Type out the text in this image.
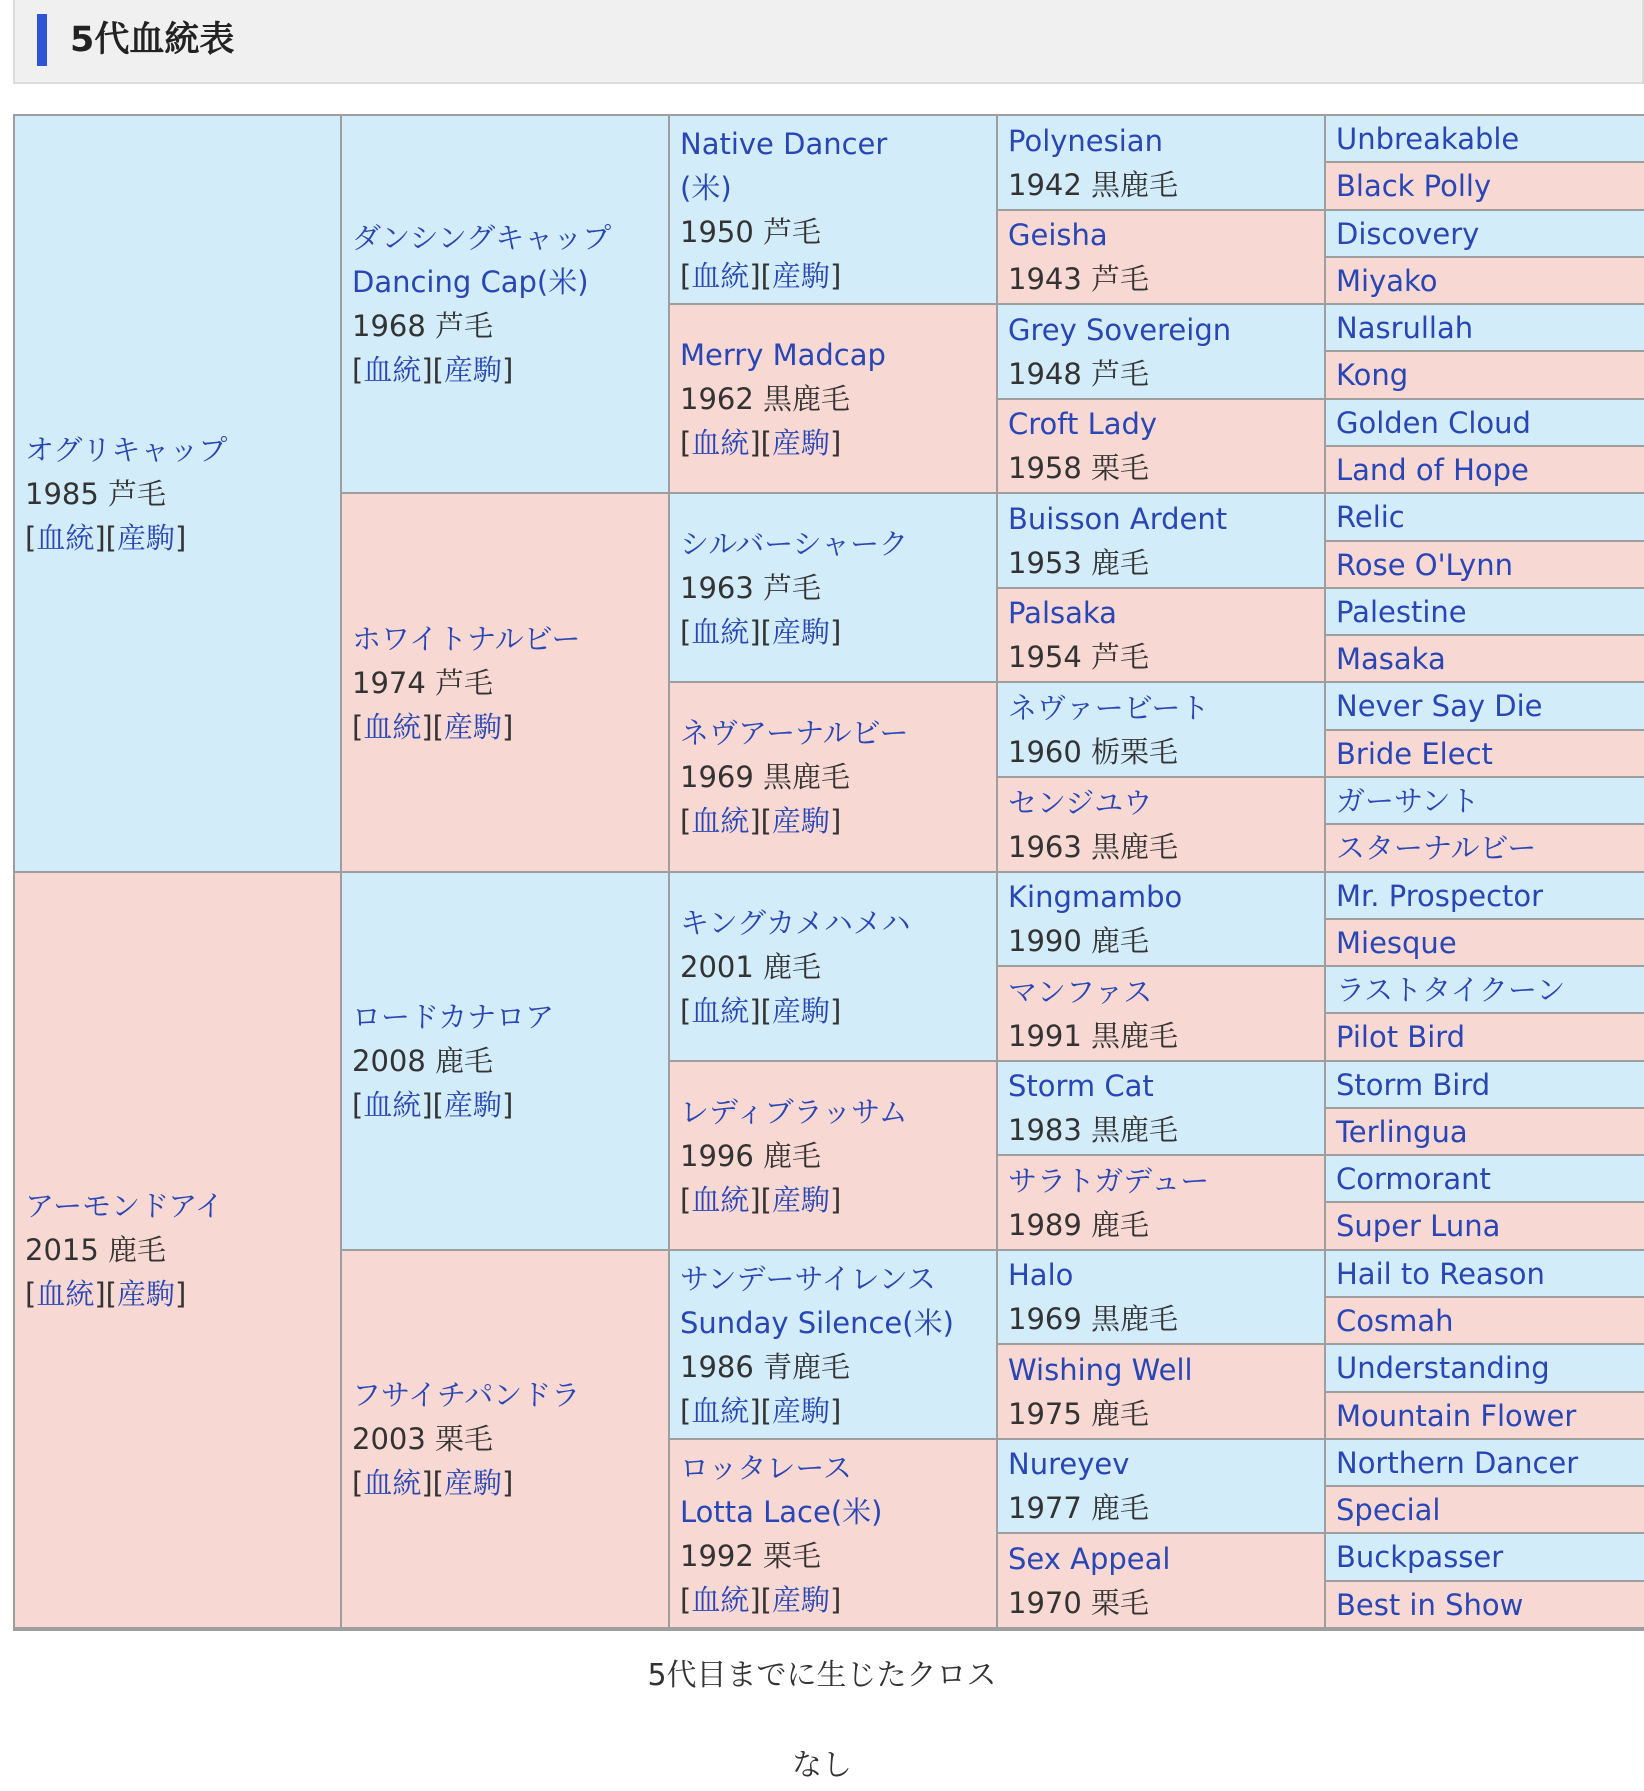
5代血統表
オグリキャップ
1985 芦毛
[血統][産駒]
アーモンドアイ
2015 鹿毛
[血統][産駒]
ダンシングキャップ
Dancing Cap(米)
1968 芦毛
[血統][産駒]
ホワイトナルビー
1974 芦毛
[血統][産駒]
ロードカナロア
2008 鹿毛
[血統][産駒]
フサイチパンドラ
2003 栗毛
[血統][産駒]
Native Dancer
(米)
1950 芦毛
[血統][産駒]
Merry Madcap
1962 黒鹿毛
[血統][産駒]
シルバーシャーク
1963 芦毛
[血統][産駒]
ネヴアーナルビー
1969 黒鹿毛
[血統][産駒]
キングカメハメハ
2001 鹿毛
[血統][産駒]
レディブラッサム
1996 鹿毛
[血統][産駒]
サンデーサイレンス
Sunday Silence(米)
1986 青鹿毛
[血統][産駒]
ロッタレース
Lotta Lace(米)
1992 栗毛
[血統][産駒]
Polynesian
1942 黒鹿毛
Geisha
1943 芦毛
Grey Sovereign
1948 芦毛
Croft Lady
1958 栗毛
Buisson Ardent
1953 鹿毛
Palsaka
1954 芦毛
ネヴァービート
1960 栃栗毛
センジユウ
1963 黒鹿毛
Kingmambo
1990 鹿毛
マンファス
1991 黒鹿毛
Storm Cat
1983 黒鹿毛
サラトガデュー
1989 鹿毛
Halo
1969 黒鹿毛
Wishing Well
1975 鹿毛
Nureyev
1977 鹿毛
Sex Appeal
1970 栗毛
Unbreakable
Black Polly
Discovery
Miyako
Nasrullah
Kong
Golden Cloud
Land of Hope
Relic
Rose O'Lynn
Palestine
Masaka
Never Say Die
Bride Elect
ガーサント
スターナルビー
Mr. Prospector
Miesque
ラストタイクーン
Pilot Bird
Storm Bird
Terlingua
Cormorant
Super Luna
Hail to Reason
Cosmah
Understanding
Mountain Flower
Northern Dancer
Special
Buckpasser
Best in Show
5代目までに生じたクロス
なし
